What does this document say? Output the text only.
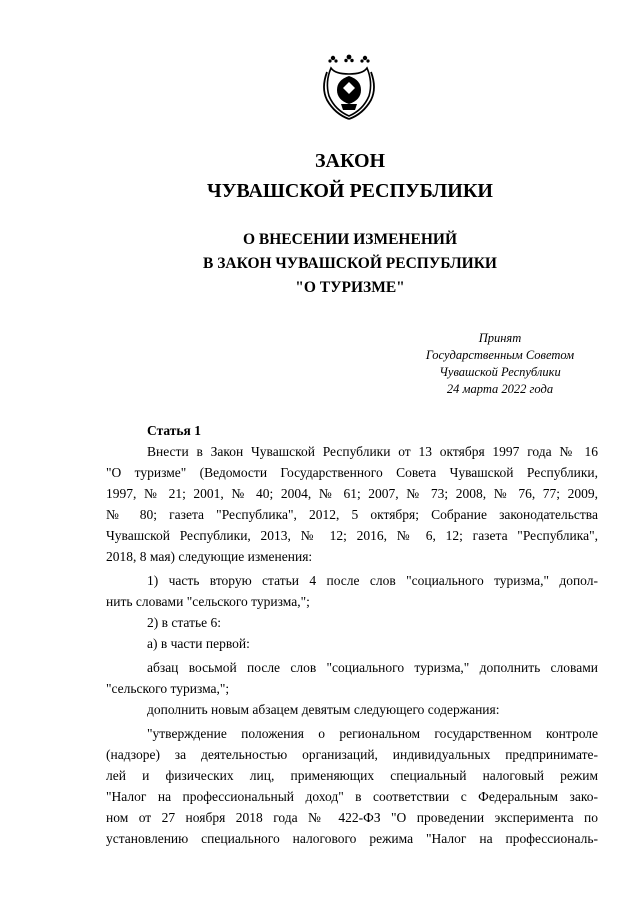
ЗАКОН
ЧУВАШСКОЙ РЕСПУБЛИКИ
О ВНЕСЕНИИ ИЗМЕНЕНИЙ
В ЗАКОН ЧУВАШСКОЙ РЕСПУБЛИКИ
"О ТУРИЗМЕ"
Принят
Государственным Советом
Чувашской Республики
24 марта 2022 года
Статья 1
Внести в Закон Чувашской Республики от 13 октября 1997 года № 16
"О туризме" (Ведомости Государственного Совета Чувашской Республики,
1997, № 21; 2001, № 40; 2004, № 61; 2007, № 73; 2008, № 76, 77; 2009,
№ 80; газета "Республика", 2012, 5 октября; Собрание законодательства
Чувашской Республики, 2013, № 12; 2016, № 6, 12; газета "Республика",
2018, 8 мая) следующие изменения:
1) часть вторую статьи 4 после слов "социального туризма," допол-
нить словами "сельского туризма,";
2) в статье 6:
а) в части первой:
абзац восьмой после слов "социального туризма," дополнить словами
"сельского туризма,";
дополнить новым абзацем девятым следующего содержания:
"утверждение положения о региональном государственном контроле
(надзоре) за деятельностью организаций, индивидуальных предпринимате-
лей и физических лиц, применяющих специальный налоговый режим
"Налог на профессиональный доход" в соответствии с Федеральным зако-
ном от 27 ноября 2018 года № 422-ФЗ "О проведении эксперимента по
установлению специального налогового режима "Налог на профессиональ-
